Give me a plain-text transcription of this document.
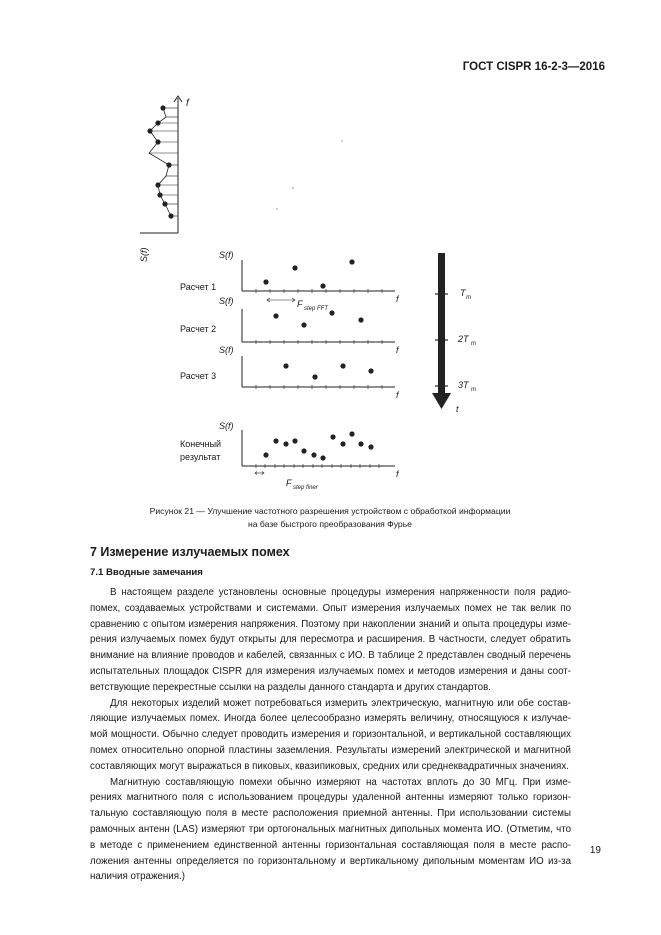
ГОСТ CISPR 16-2-3—2016
f
S(f)	S(f)
Расчет 1
f
F step FFT
S(f)
Расчет 2
f
S(f)
Расчет 3
f
S(f)
Конечный
результат
f
F step finer
T m
2T m
3T m
t
Рисунок 21 — Улучшение частотного разрешения устройством с обработкой информации
на базе быстрого преобразования Фурье
7 Измерение излучаемых помех
7.1 Вводные замечания
В настоящем разделе установлены основные процедуры измерения напряженности поля радио-
помех, создаваемых устройствами и системами. Опыт измерения излучаемых помех не так велик по
сравнению с опытом измерения напряжения. Поэтому при накоплении знаний и опыта процедуры изме-
рения излучаемых помех будут открыты для пересмотра и расширения. В частности, следует обратить
внимание на влияние проводов и кабелей, связанных с ИО. В таблице 2 представлен сводный перечень
испытательных площадок CISPR для измерения излучаемых помех и методов измерения и даны соот-
ветствующие перекрестные ссылки на разделы данного стандарта и других стандартов.
Для некоторых изделий может потребоваться измерить электрическую, магнитную или обе состав-
ляющие излучаемых помех. Иногда более целесообразно измерять величину, относящуюся к излучае-
мой мощности. Обычно следует проводить измерения и горизонтальной, и вертикальной составляющих
помех относительно опорной пластины заземления. Результаты измерений электрической и магнитной
составляющих могут выражаться в пиковых, квазипиковых, средних или среднеквадратичных значениях.
Магнитную составляющую помехи обычно измеряют на частотах вплоть до 30 МГц. При изме-
рениях магнитного поля с использованием процедуры удаленной антенны измеряют только горизон-
тальную составляющую поля в месте расположения приемной антенны. При использовании системы
рамочных антенн (LAS) измеряют три ортогональных магнитных дипольных момента ИО. (Отметим, что
в методе с применением единственной антенны горизонтальная составляющая поля в месте распо-
ложения антенны определяется по горизонтальному и вертикальному дипольным моментам ИО из-за
наличия отражения.)
19
